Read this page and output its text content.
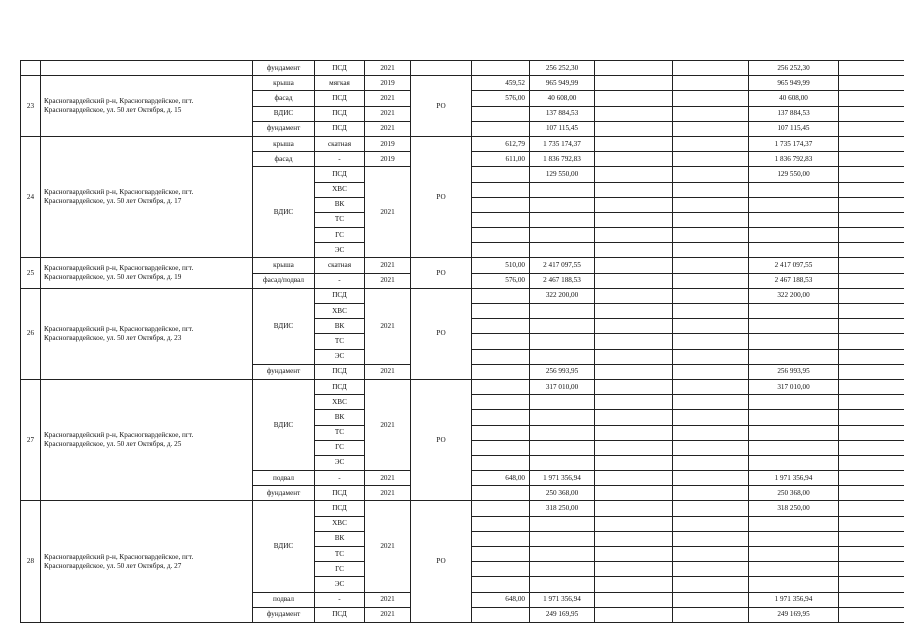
		фундамент	ПСД	2021			256 252,30			256 252,30	
23	Красногвардейский р-н, Красногвардейское, пгт. Красногвардейское, ул. 50 лет Октября, д. 15	крыша	мягкая	2019	РО	459,52	965 949,99			965 949,99	
		фасад	ПСД	2021		576,00	40 608,00			40 608,00	
		ВДИС	ПСД	2021			137 884,53			137 884,53	
		фундамент	ПСД	2021			107 115,45			107 115,45	
24	Красногвардейский р-н, Красногвардейское, пгт. Красногвардейское, ул. 50 лет Октября, д. 17	крыша	скатная	2019	РО	612,79	1 735 174,37			1 735 174,37	
		фасад	-	2019		611,00	1 836 792,83			1 836 792,83	
		ВДИС	ПСД	2021			129 550,00			129 550,00	
			ХВС								
			ВК								
			ТС								
			ГС								
			ЭС								
25	Красногвардейский р-н, Красногвардейское, пгт. Красногвардейское, ул. 50 лет Октября, д. 19	крыша	скатная	2021	РО	510,00	2 417 097,55			2 417 097,55	
		фасад/подвал	-	2021		576,00	2 467 188,53			2 467 188,53	
26	Красногвардейский р-н, Красногвардейское, пгт. Красногвардейское, ул. 50 лет Октября, д. 23	ВДИС	ПСД	2021	РО		322 200,00			322 200,00	
			ХВС								
			ВК								
			ТС								
			ЭС								
		фундамент	ПСД	2021			256 993,95			256 993,95	
27	Красногвардейский р-н, Красногвардейское, пгт. Красногвардейское, ул. 50 лет Октября, д. 25	ВДИС	ПСД	2021	РО		317 010,00			317 010,00	
			ХВС								
			ВК								
			ТС								
			ГС								
			ЭС								
		подвал	-	2021		648,00	1 971 356,94			1 971 356,94	
		фундамент	ПСД	2021			250 368,00			250 368,00	
28	Красногвардейский р-н, Красногвардейское, пгт. Красногвардейское, ул. 50 лет Октября, д. 27	ВДИС	ПСД	2021	РО		318 250,00			318 250,00	
			ХВС								
			ВК								
			ТС								
			ГС								
			ЭС								
		подвал	-	2021		648,00	1 971 356,94			1 971 356,94	
		фундамент	ПСД	2021			249 169,95			249 169,95	
